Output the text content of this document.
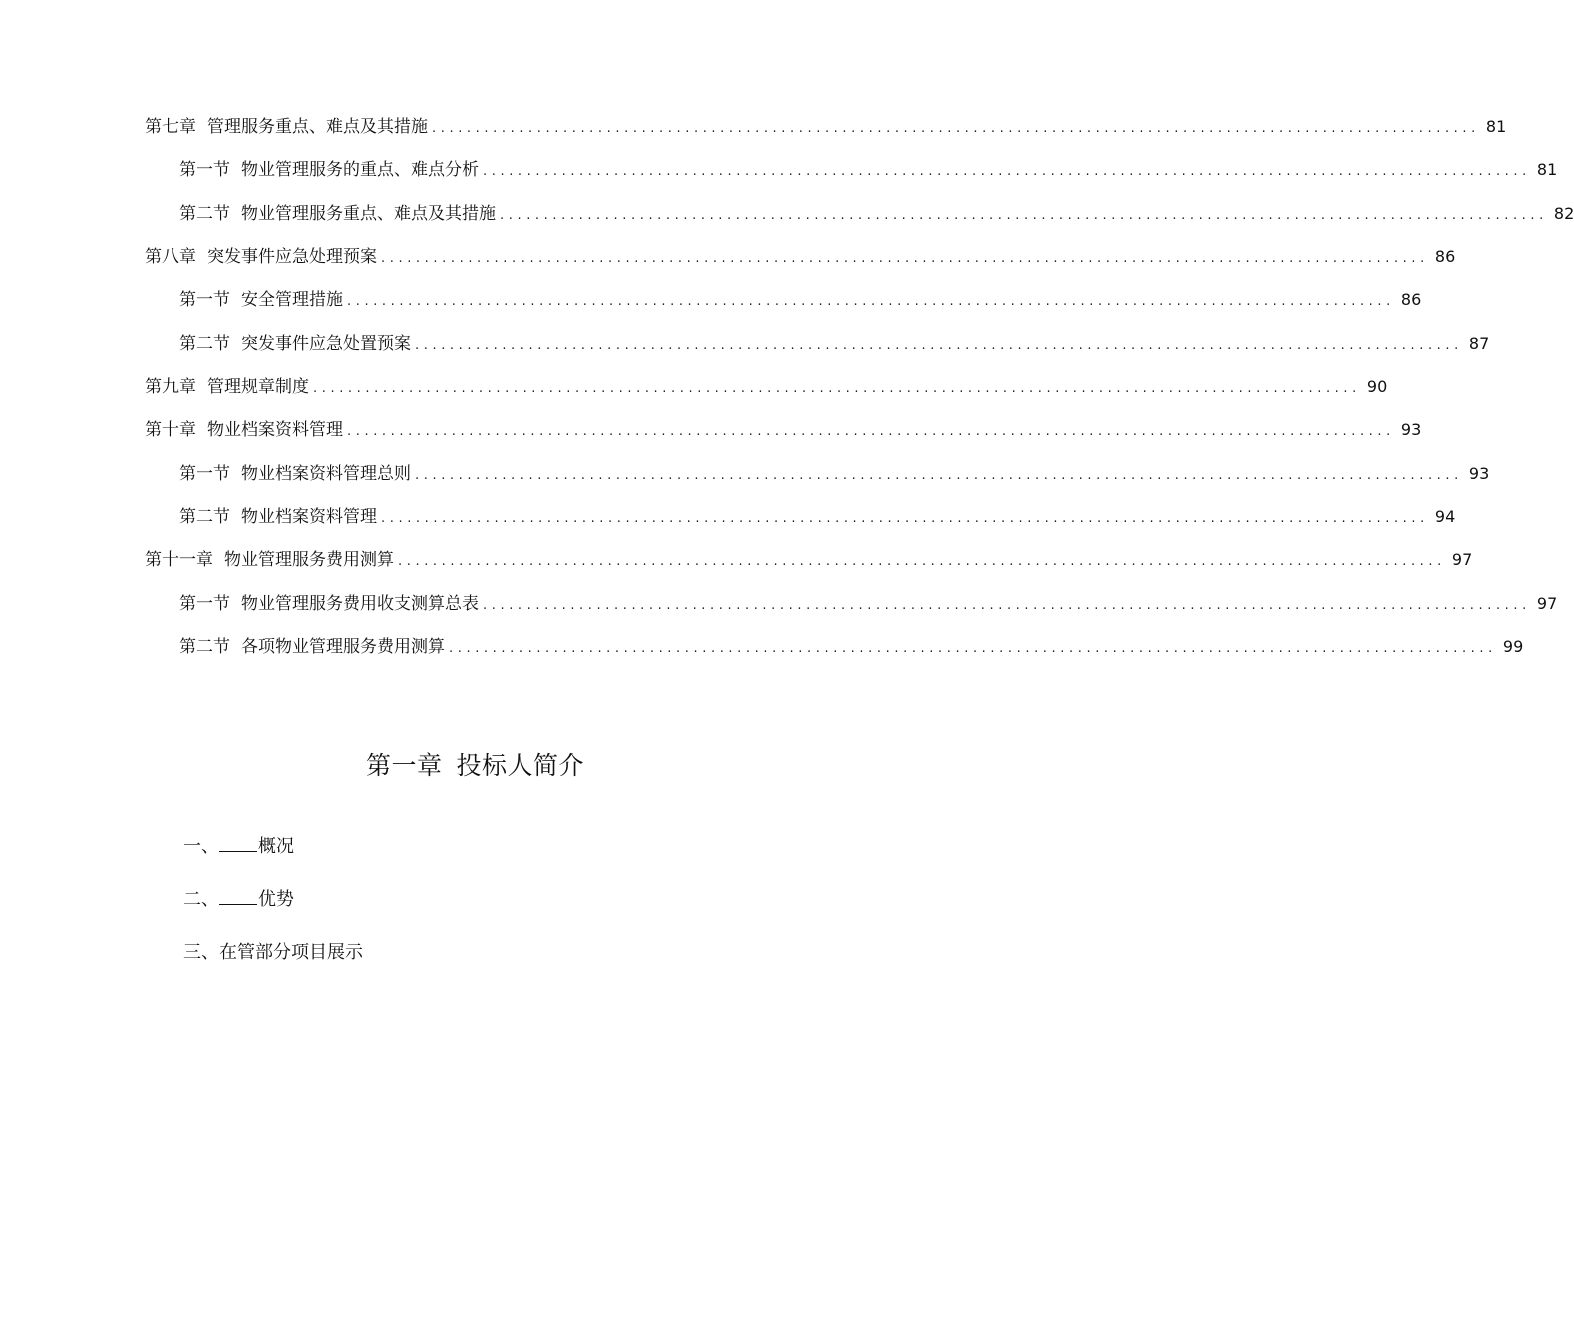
第七章 管理服务重点、难点及其措施 ........................................................................................................................ 81
第一节 物业管理服务的重点、难点分析 ........................................................................................................................ 81
第二节 物业管理服务重点、难点及其措施 ........................................................................................................................ 82
第八章 突发事件应急处理预案 ........................................................................................................................ 86
第一节 安全管理措施 ........................................................................................................................ 86
第二节 突发事件应急处置预案 ........................................................................................................................ 87
第九章 管理规章制度 ........................................................................................................................ 90
第十章 物业档案资料管理 ........................................................................................................................ 93
第一节 物业档案资料管理总则 ........................................................................................................................ 93
第二节 物业档案资料管理 ........................................................................................................................ 94
第十一章 物业管理服务费用测算 ........................................................................................................................ 97
第一节 物业管理服务费用收支测算总表 ........................................................................................................................ 97
第二节 各项物业管理服务费用测算 ........................................................................................................................ 99
第一章 投标人简介
一、 概况
二、 优势
三、在管部分项目展示
